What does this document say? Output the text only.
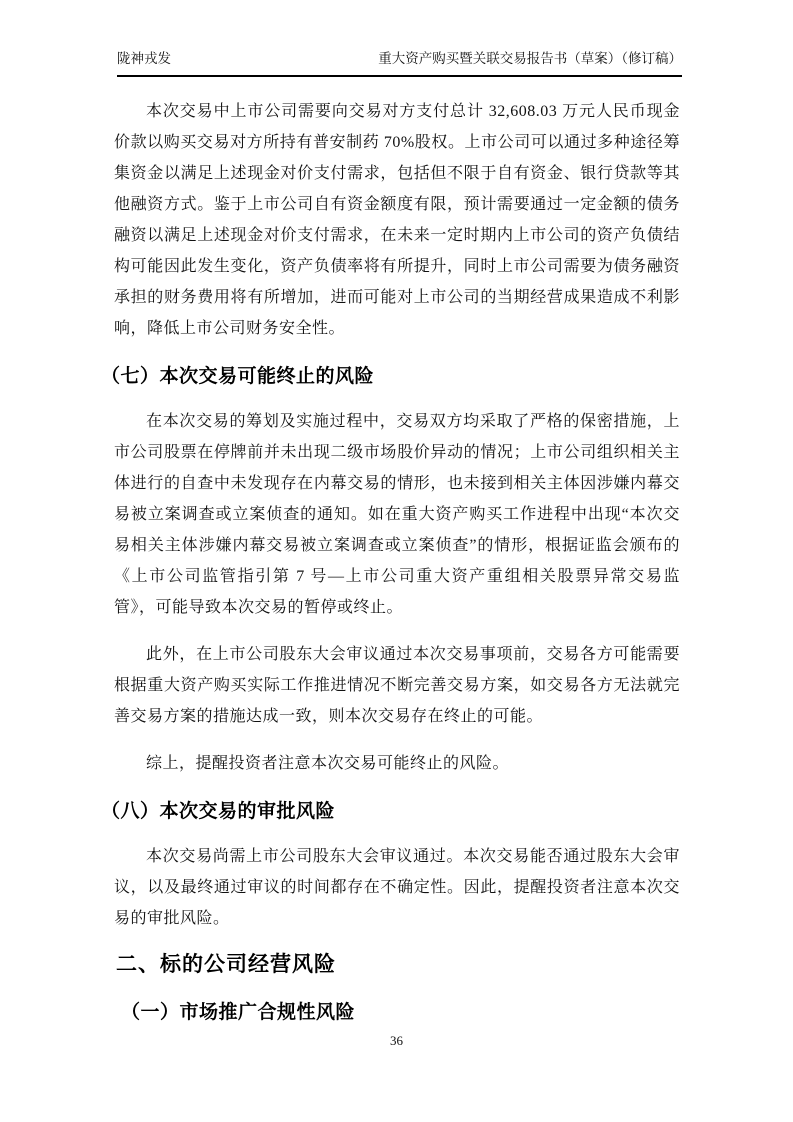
陇神戎发	重大资产购买暨关联交易报告书（草案）（修订稿）

本次交易中上市公司需要向交易对方支付总计 32,608.03 万元人民币现金价款以购买交易对方所持有普安制药 70%股权。上市公司可以通过多种途径筹集资金以满足上述现金对价支付需求，包括但不限于自有资金、银行贷款等其他融资方式。鉴于上市公司自有资金额度有限，预计需要通过一定金额的债务融资以满足上述现金对价支付需求，在未来一定时期内上市公司的资产负债结构可能因此发生变化，资产负债率将有所提升，同时上市公司需要为债务融资承担的财务费用将有所增加，进而可能对上市公司的当期经营成果造成不利影响，降低上市公司财务安全性。

（七）本次交易可能终止的风险

在本次交易的筹划及实施过程中，交易双方均采取了严格的保密措施，上市公司股票在停牌前并未出现二级市场股价异动的情况；上市公司组织相关主体进行的自查中未发现存在内幕交易的情形，也未接到相关主体因涉嫌内幕交易被立案调查或立案侦查的通知。如在重大资产购买工作进程中出现“本次交易相关主体涉嫌内幕交易被立案调查或立案侦查”的情形，根据证监会颁布的《上市公司监管指引第 7 号—上市公司重大资产重组相关股票异常交易监管》，可能导致本次交易的暂停或终止。

此外，在上市公司股东大会审议通过本次交易事项前，交易各方可能需要根据重大资产购买实际工作推进情况不断完善交易方案，如交易各方无法就完善交易方案的措施达成一致，则本次交易存在终止的可能。

综上，提醒投资者注意本次交易可能终止的风险。

（八）本次交易的审批风险

本次交易尚需上市公司股东大会审议通过。本次交易能否通过股东大会审议，以及最终通过审议的时间都存在不确定性。因此，提醒投资者注意本次交易的审批风险。

二、标的公司经营风险
（一）市场推广合规性风险
36
